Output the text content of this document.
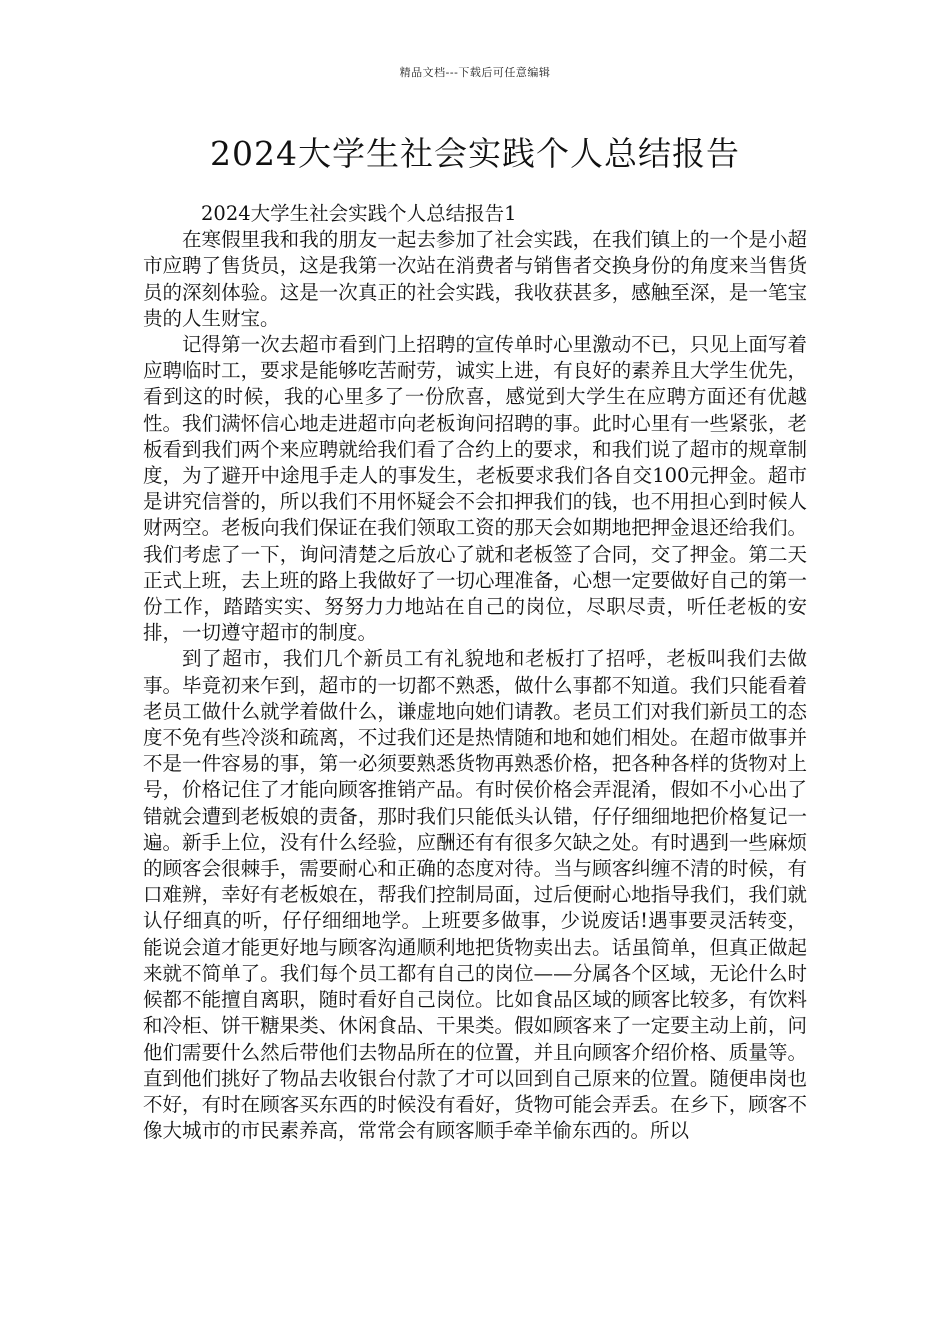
精品文档---下载后可任意编辑
2024大学生社会实践个人总结报告
2024大学生社会实践个人总结报告1

在寒假里我和我的朋友一起去参加了社会实践，在我们镇上的一个是小超市应聘了售货员，这是我第一次站在消费者与销售者交换身份的角度来当售货员的深刻体验。这是一次真正的社会实践，我收获甚多，感触至深，是一笔宝贵的人生财宝。

记得第一次去超市看到门上招聘的宣传单时心里激动不已，只见上面写着应聘临时工，要求是能够吃苦耐劳，诚实上进，有良好的素养且大学生优先，看到这的时候，我的心里多了一份欣喜，感觉到大学生在应聘方面还有优越性。我们满怀信心地走进超市向老板询问招聘的事。此时心里有一些紧张，老板看到我们两个来应聘就给我们看了合约上的要求，和我们说了超市的规章制度，为了避开中途甩手走人的事发生，老板要求我们各自交100元押金。超市是讲究信誉的，所以我们不用怀疑会不会扣押我们的钱，也不用担心到时候人财两空。老板向我们保证在我们领取工资的那天会如期地把押金退还给我们。我们考虑了一下，询问清楚之后放心了就和老板签了合同，交了押金。第二天正式上班，去上班的路上我做好了一切心理准备，心想一定要做好自己的第一份工作，踏踏实实、努努力力地站在自己的岗位，尽职尽责，听任老板的安排，一切遵守超市的制度。

到了超市，我们几个新员工有礼貌地和老板打了招呼，老板叫我们去做事。毕竟初来乍到，超市的一切都不熟悉，做什么事都不知道。我们只能看着老员工做什么就学着做什么，谦虚地向她们请教。老员工们对我们新员工的态度不免有些冷淡和疏离，不过我们还是热情随和地和她们相处。在超市做事并不是一件容易的事，第一必须要熟悉货物再熟悉价格，把各种各样的货物对上号，价格记住了才能向顾客推销产品。有时侯价格会弄混淆，假如不小心出了错就会遭到老板娘的责备，那时我们只能低头认错，仔仔细细地把价格复记一遍。新手上位，没有什么经验，应酬还有有很多欠缺之处。有时遇到一些麻烦的顾客会很棘手，需要耐心和正确的态度对待。当与顾客纠缠不清的时候，有口难辨，幸好有老板娘在，帮我们控制局面，过后便耐心地指导我们，我们就认仔细真的听，仔仔细细地学。上班要多做事，少说废话!遇事要灵活转变，能说会道才能更好地与顾客沟通顺利地把货物卖出去。话虽简单，但真正做起来就不简单了。我们每个员工都有自己的岗位——分属各个区域，无论什么时候都不能擅自离职，随时看好自己岗位。比如食品区域的顾客比较多，有饮料和冷柜、饼干糖果类、休闲食品、干果类。假如顾客来了一定要主动上前，问他们需要什么然后带他们去物品所在的位置，并且向顾客介绍价格、质量等。直到他们挑好了物品去收银台付款了才可以回到自己原来的位置。随便串岗也不好，有时在顾客买东西的时候没有看好，货物可能会弄丢。在乡下，顾客不像大城市的市民素养高，常常会有顾客顺手牵羊偷东西的。所以
